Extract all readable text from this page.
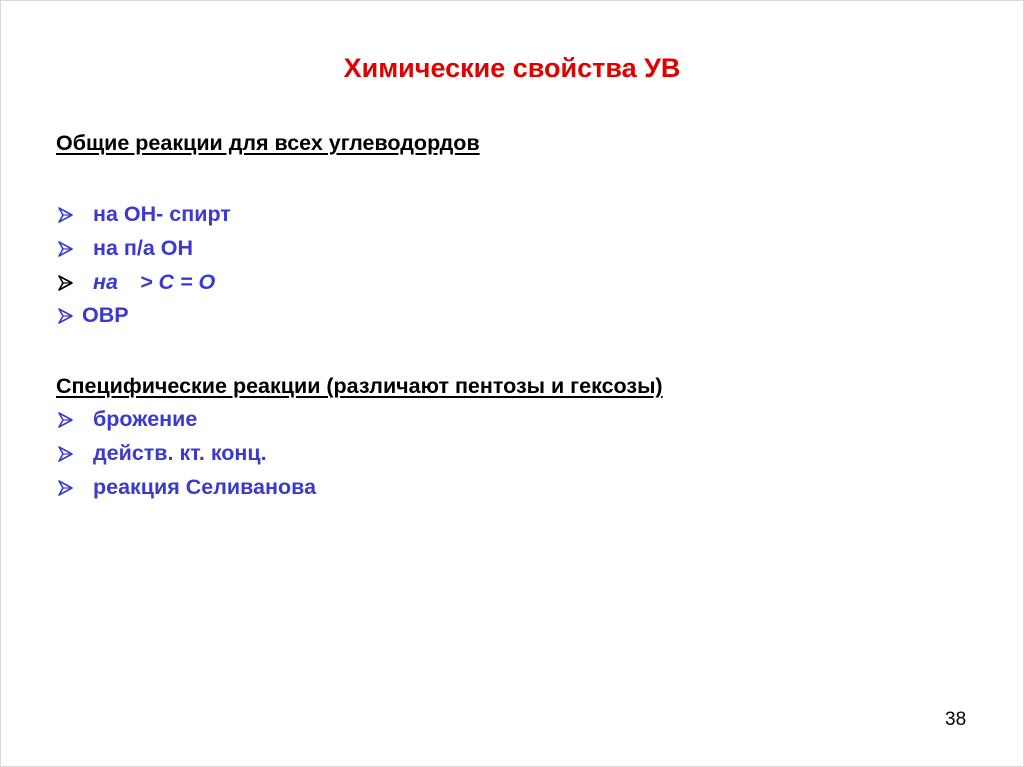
Химические свойства УВ
Общие реакции для всех углеводордов
на ОН- спирт
на п/а ОН
на > С = О
ОВР
Специфические реакции (различают пентозы и гексозы)
брожение
действ. кт. конц.
реакция Селиванова
38
